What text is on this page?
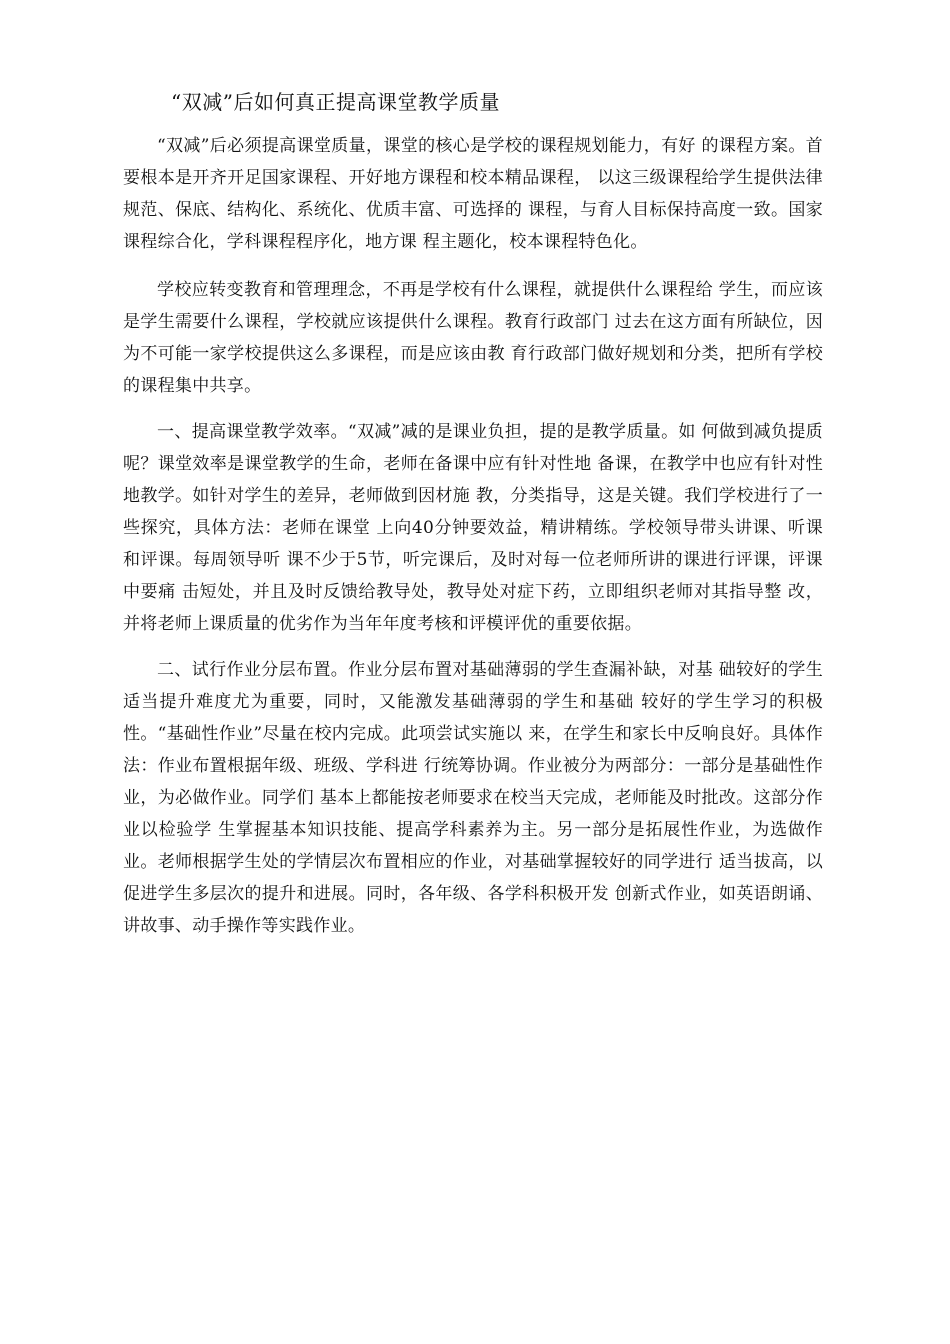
“双减”后如何真正提高课堂教学质量

“双减”后必须提高课堂质量，课堂的核心是学校的课程规划能力，有好 的课程方案。首要根本是开齐开足国家课程、开好地方课程和校本精品课程， 以这三级课程给学生提供法律规范、保底、结构化、系统化、优质丰富、可选择的 课程，与育人目标保持高度一致。国家课程综合化，学科课程程序化，地方课 程主题化，校本课程特色化。

学校应转变教育和管理理念，不再是学校有什么课程，就提供什么课程给 学生，而应该是学生需要什么课程，学校就应该提供什么课程。教育行政部门 过去在这方面有所缺位，因为不可能一家学校提供这么多课程，而是应该由教 育行政部门做好规划和分类，把所有学校的课程集中共享。

一、提高课堂教学效率。“双减”减的是课业负担，提的是教学质量。如 何做到减负提质呢？课堂效率是课堂教学的生命，老师在备课中应有针对性地 备课，在教学中也应有针对性地教学。如针对学生的差异，老师做到因材施 教，分类指导，这是关键。我们学校进行了一些探究，具体方法：老师在课堂 上向40分钟要效益，精讲精练。学校领导带头讲课、听课和评课。每周领导听 课不少于5节，听完课后，及时对每一位老师所讲的课进行评课，评课中要痛 击短处，并且及时反馈给教导处，教导处对症下药，立即组织老师对其指导整 改，并将老师上课质量的优劣作为当年年度考核和评模评优的重要依据。

二、试行作业分层布置。作业分层布置对基础薄弱的学生查漏补缺，对基 础较好的学生适当提升难度尤为重要，同时，又能激发基础薄弱的学生和基础 较好的学生学习的积极性。“基础性作业”尽量在校内完成。此项尝试实施以 来，在学生和家长中反响良好。具体作法：作业布置根据年级、班级、学科进 行统筹协调。作业被分为两部分：一部分是基础性作业，为必做作业。同学们 基本上都能按老师要求在校当天完成，老师能及时批改。这部分作业以检验学 生掌握基本知识技能、提高学科素养为主。另一部分是拓展性作业，为选做作 业。老师根据学生处的学情层次布置相应的作业，对基础掌握较好的同学进行 适当拔高，以促进学生多层次的提升和进展。同时，各年级、各学科积极开发 创新式作业，如英语朗诵、讲故事、动手操作等实践作业。
